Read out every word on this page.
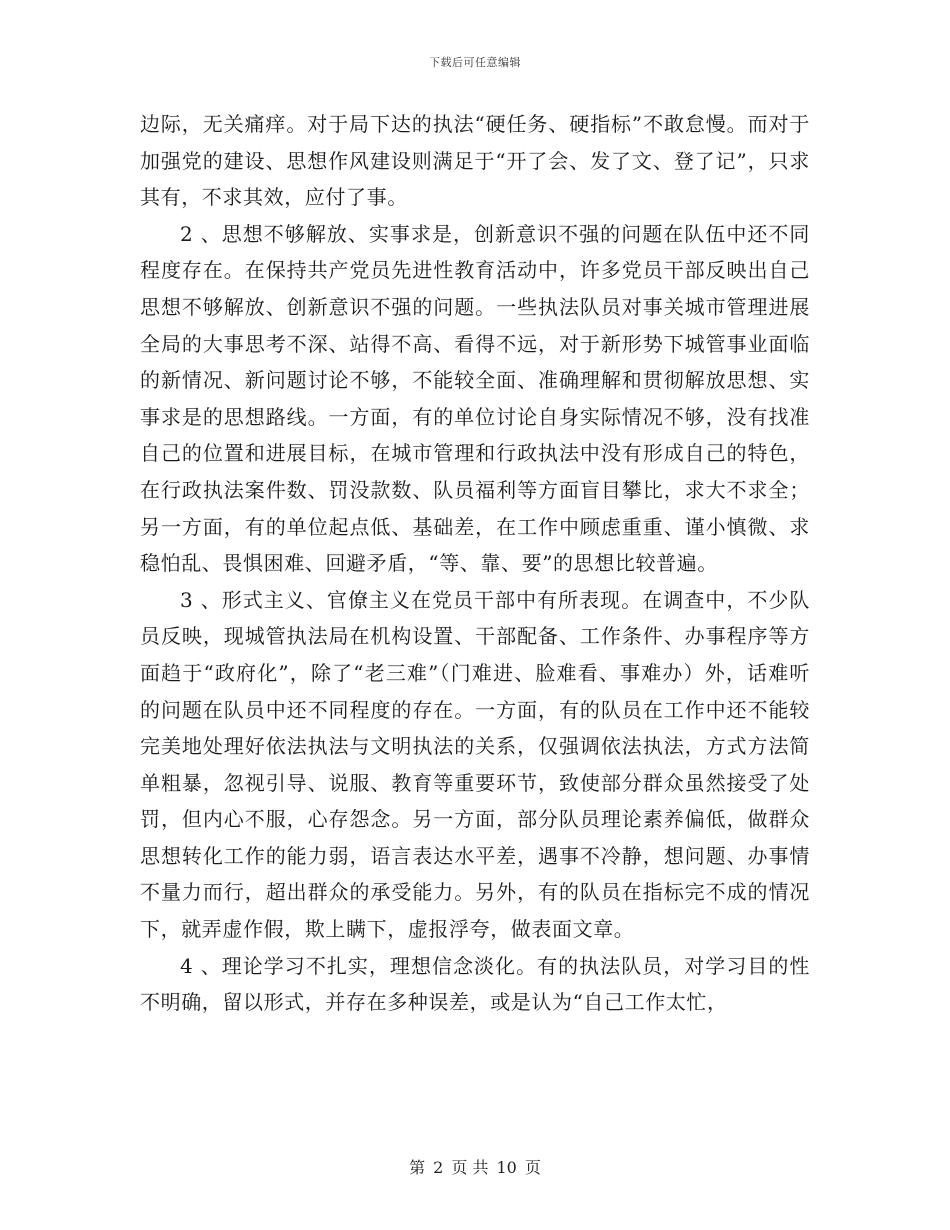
下载后可任意编辑

边际，无关痛痒。对于局下达的执法“硬任务、硬指标”不敢怠慢。而对于加强党的建设、思想作风建设则满足于“开了会、发了文、登了记”，只求其有，不求其效，应付了事。

2 、思想不够解放、实事求是，创新意识不强的问题在队伍中还不同程度存在。在保持共产党员先进性教育活动中，许多党员干部反映出自己思想不够解放、创新意识不强的问题。一些执法队员对事关城市管理进展全局的大事思考不深、站得不高、看得不远，对于新形势下城管事业面临的新情况、新问题讨论不够，不能较全面、准确理解和贯彻解放思想、实事求是的思想路线。一方面，有的单位讨论自身实际情况不够，没有找准自己的位置和进展目标，在城市管理和行政执法中没有形成自己的特色，在行政执法案件数、罚没款数、队员福利等方面盲目攀比，求大不求全；另一方面，有的单位起点低、基础差，在工作中顾虑重重、谨小慎微、求稳怕乱、畏惧困难、回避矛盾，“等、靠、要”的思想比较普遍。

3 、形式主义、官僚主义在党员干部中有所表现。在调查中，不少队员反映，现城管执法局在机构设置、干部配备、工作条件、办事程序等方面趋于“政府化”，除了“老三难”（门难进、脸难看、事难办）外，话难听的问题在队员中还不同程度的存在。一方面，有的队员在工作中还不能较完美地处理好依法执法与文明执法的关系，仅强调依法执法，方式方法简单粗暴，忽视引导、说服、教育等重要环节，致使部分群众虽然接受了处罚，但内心不服，心存怨念。另一方面，部分队员理论素养偏低，做群众思想转化工作的能力弱，语言表达水平差，遇事不冷静，想问题、办事情不量力而行，超出群众的承受能力。另外，有的队员在指标完不成的情况下，就弄虚作假，欺上瞒下，虚报浮夸，做表面文章。

4 、理论学习不扎实，理想信念淡化。有的执法队员，对学习目的性不明确，留以形式，并存在多种误差，或是认为“自己工作太忙，

第 2 页 共 10 页
